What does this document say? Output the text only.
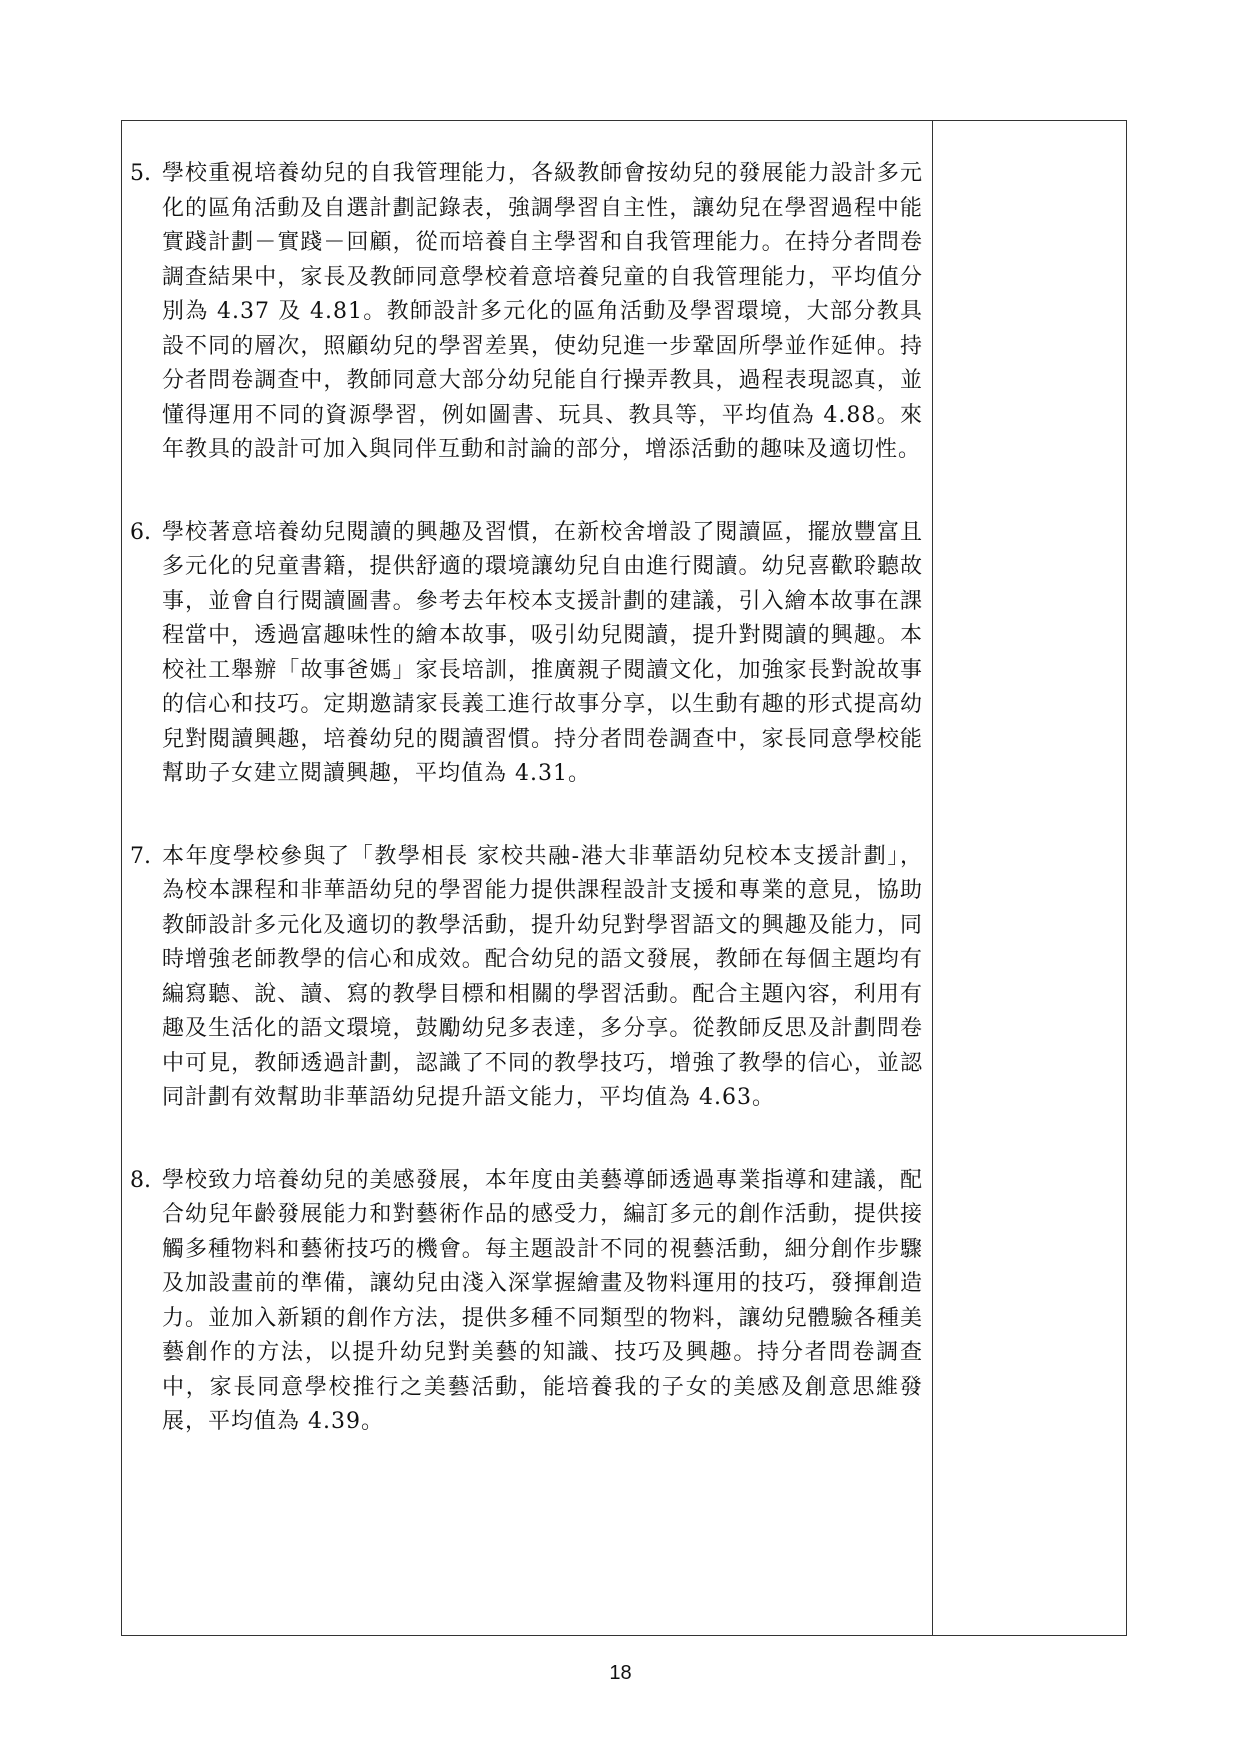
5. 學校重視培養幼兒的自我管理能力，各級教師會按幼兒的發展能力設計多元化的區角活動及自選計劃記錄表，強調學習自主性，讓幼兒在學習過程中能實踐計劃－實踐－回顧，從而培養自主學習和自我管理能力。在持分者問卷調查結果中，家長及教師同意學校着意培養兒童的自我管理能力，平均值分別為 4.37 及 4.81。教師設計多元化的區角活動及學習環境，大部分教具設不同的層次，照顧幼兒的學習差異，使幼兒進一步鞏固所學並作延伸。持分者問卷調查中，教師同意大部分幼兒能自行操弄教具，過程表現認真，並懂得運用不同的資源學習，例如圖書、玩具、教具等，平均值為 4.88。來年教具的設計可加入與同伴互動和討論的部分，增添活動的趣味及適切性。
6. 學校著意培養幼兒閱讀的興趣及習慣，在新校舍增設了閱讀區，擺放豐富且多元化的兒童書籍，提供舒適的環境讓幼兒自由進行閱讀。幼兒喜歡聆聽故事，並會自行閱讀圖書。參考去年校本支援計劃的建議，引入繪本故事在課程當中，透過富趣味性的繪本故事，吸引幼兒閱讀，提升對閱讀的興趣。本校社工舉辦「故事爸媽」家長培訓，推廣親子閱讀文化，加強家長對說故事的信心和技巧。定期邀請家長義工進行故事分享，以生動有趣的形式提高幼兒對閱讀興趣，培養幼兒的閱讀習慣。持分者問卷調查中，家長同意學校能幫助子女建立閱讀興趣，平均值為 4.31。
7. 本年度學校參與了「教學相長 家校共融-港大非華語幼兒校本支援計劃」，為校本課程和非華語幼兒的學習能力提供課程設計支援和專業的意見，協助教師設計多元化及適切的教學活動，提升幼兒對學習語文的興趣及能力，同時增強老師教學的信心和成效。配合幼兒的語文發展，教師在每個主題均有編寫聽、說、讀、寫的教學目標和相關的學習活動。配合主題內容，利用有趣及生活化的語文環境，鼓勵幼兒多表達，多分享。從教師反思及計劃問卷中可見，教師透過計劃，認識了不同的教學技巧，增強了教學的信心，並認同計劃有效幫助非華語幼兒提升語文能力，平均值為 4.63。
8. 學校致力培養幼兒的美感發展，本年度由美藝導師透過專業指導和建議，配合幼兒年齡發展能力和對藝術作品的感受力，編訂多元的創作活動，提供接觸多種物料和藝術技巧的機會。每主題設計不同的視藝活動，細分創作步驟及加設畫前的準備，讓幼兒由淺入深掌握繪畫及物料運用的技巧，發揮創造力。並加入新穎的創作方法，提供多種不同類型的物料，讓幼兒體驗各種美藝創作的方法，以提升幼兒對美藝的知識、技巧及興趣。持分者問卷調查中，家長同意學校推行之美藝活動，能培養我的子女的美感及創意思維發展，平均值為 4.39。
18
